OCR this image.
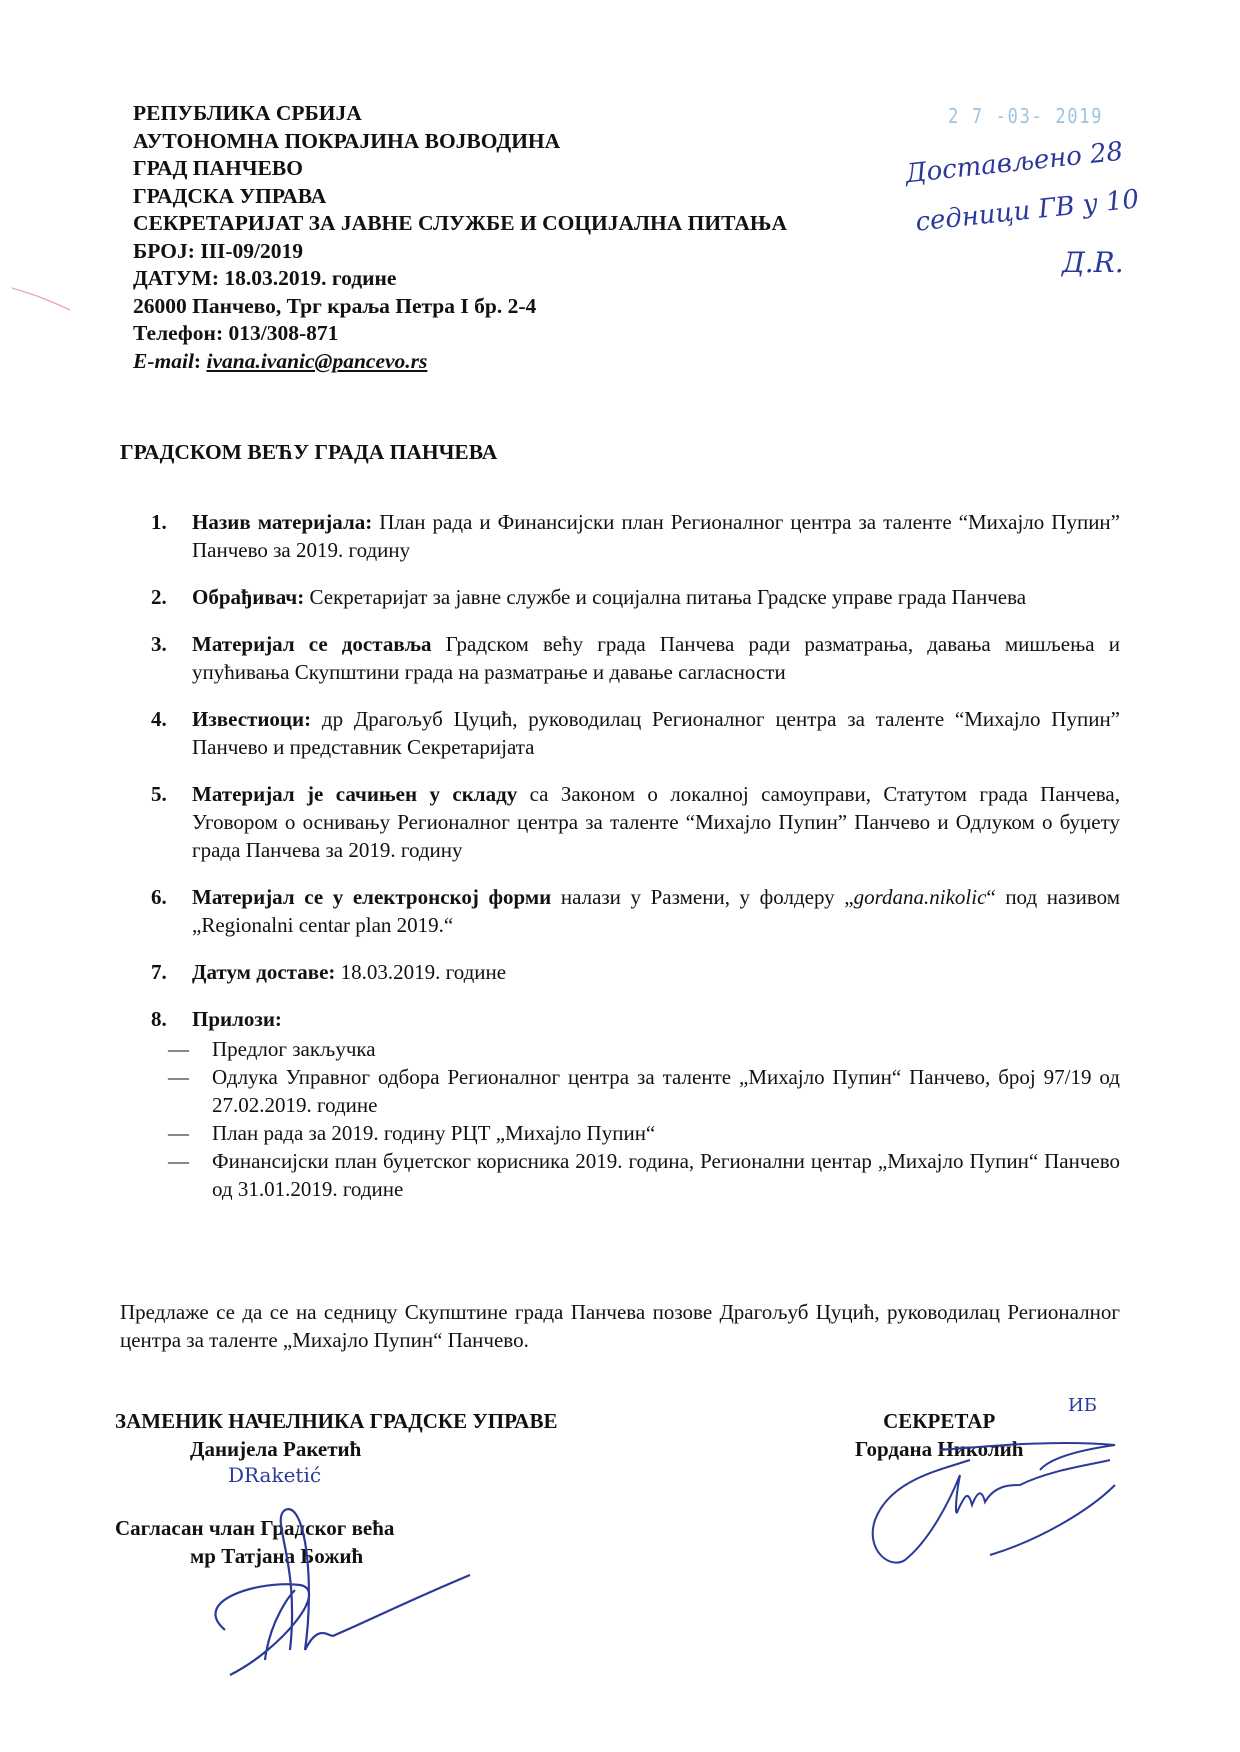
РЕПУБЛИКА СРБИЈА
АУТОНОМНА ПОКРАЈИНА ВОЈВОДИНА
ГРАД ПАНЧЕВО
ГРАДСКА УПРАВА
СЕКРЕТАРИЈАТ ЗА ЈАВНЕ СЛУЖБЕ И СОЦИЈАЛНА ПИТАЊА
БРОЈ: III-09/2019
ДАТУМ: 18.03.2019. године
26000 Панчево, Трг краља Петра I бр. 2-4
Телефон: 013/308-871
E-mail: ivana.ivanic@pancevo.rs
2 7 -03- 2019
Достављено 28
седници ГВ у 10
Д.R.
ГРАДСКОМ ВЕЋУ ГРАДА ПАНЧЕВА
1. Назив материјала: План рада и Финансијски план Регионалног центра за таленте “Михајло Пупин” Панчево за 2019. годину
2. Обрађивач: Секретаријат за јавне службе и социјална питања Градске управе града Панчева
3. Материјал се доставља Градском већу града Панчева ради разматрања, давања мишљења и упућивања Скупштини града на разматрање и давање сагласности
4. Известиоци: др Драгољуб Цуцић, руководилац Регионалног центра за таленте “Михајло Пупин” Панчево и представник Секретаријата
5. Материјал је сачињен у складу са Законом о локалној самоуправи, Статутом града Панчева, Уговором о оснивању Регионалног центра за таленте “Михајло Пупин” Панчево и Одлуком о буџету града Панчева за 2019. годину
6. Материјал се у електронској форми налази у Размени, у фолдеру „gordana.nikolic“ под називом „Regionalni centar plan 2019.“
7. Датум доставе: 18.03.2019. године
8. Прилози:
— Предлог закључка
— Одлука Управног одбора Регионалног центра за таленте „Михајло Пупин“ Панчево, број 97/19 од 27.02.2019. године
— План рада за 2019. годину РЦТ „Михајло Пупин“
— Финансијски план буџетског корисника 2019. година, Регионални центар „Михајло Пупин“ Панчево од 31.01.2019. године
Предлаже се да се на седницу Скупштине града Панчева позове Драгољуб Цуцић, руководилац Регионалног центра за таленте „Михајло Пупин“ Панчево.
ЗАМЕНИК НАЧЕЛНИКА ГРАДСКЕ УПРАВЕ
Данијела Ракетић
DRaketić
Сагласан члан Градског већа
мр Татјана Божић
СЕКРЕТАР
Гордана Николић
ИБ
